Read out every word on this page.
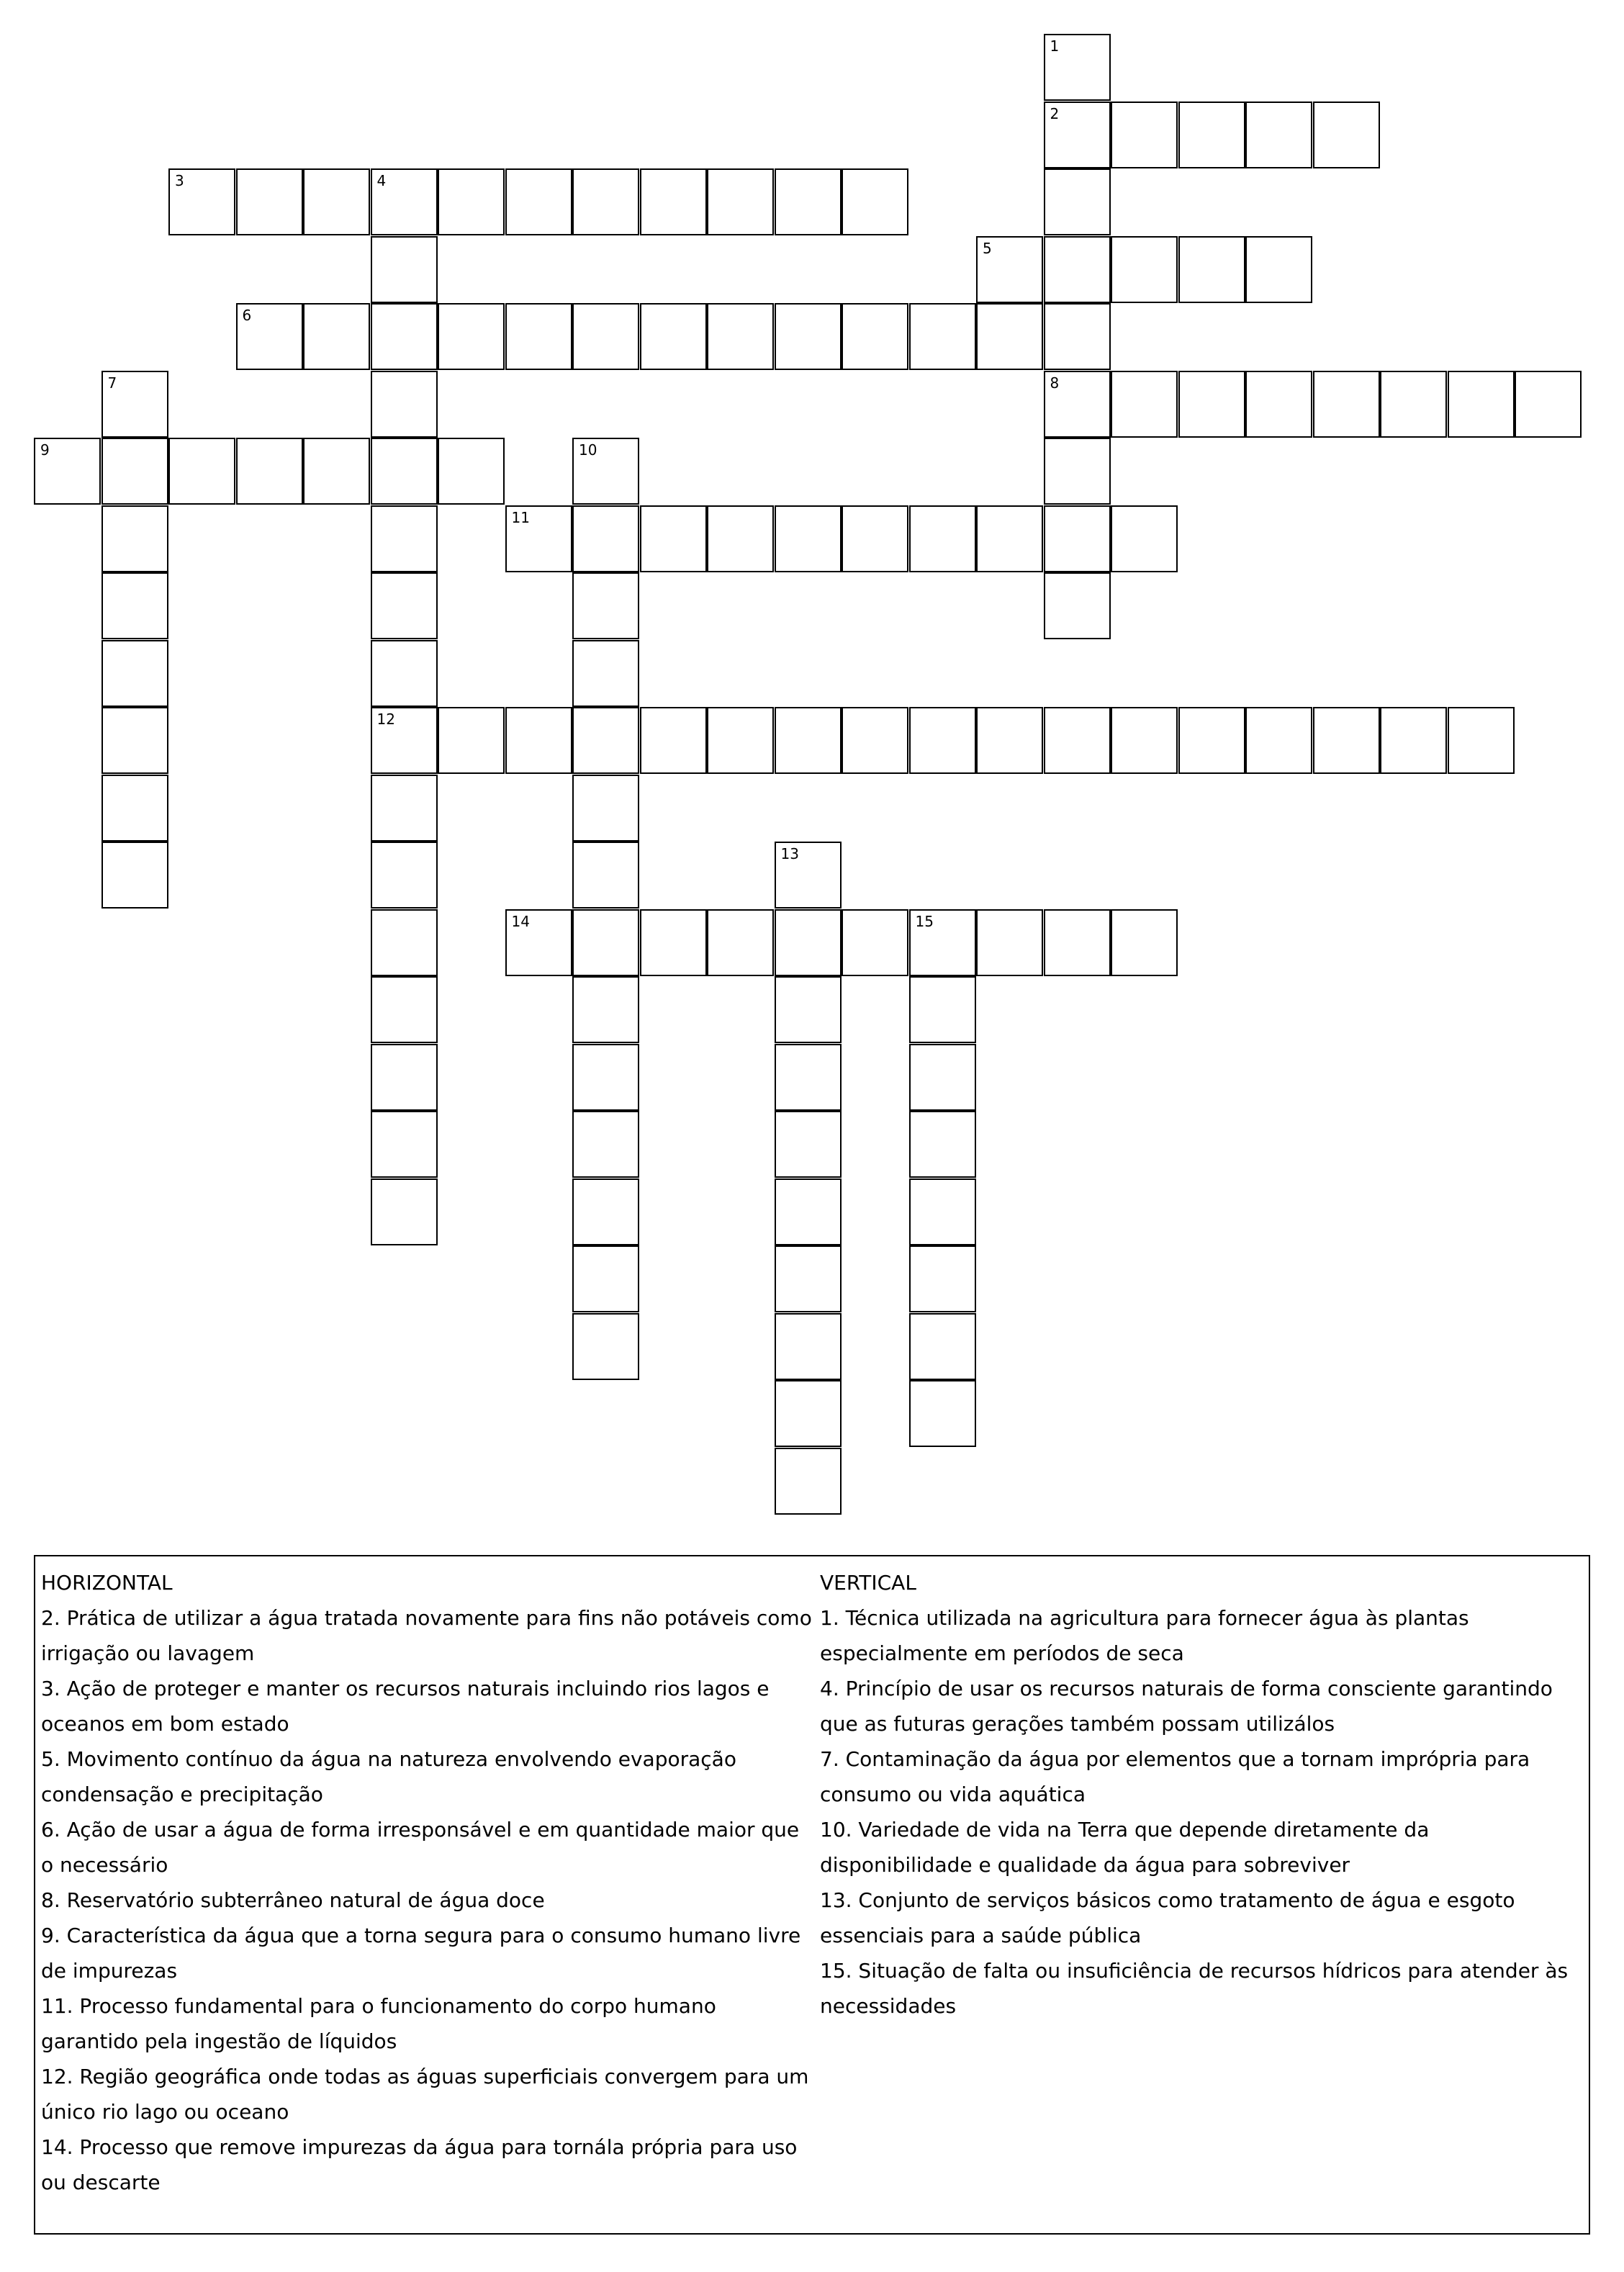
1
2
8
3	4
12
5
6
7
9	10
11
13
14	15
HORIZONTAL
2. Prática de utilizar a água tratada novamente para fins não potáveis como irrigação ou lavagem
3. Ação de proteger e manter os recursos naturais incluindo rios lagos e oceanos em bom estado
5. Movimento contínuo da água na natureza envolvendo evaporação condensação e precipitação
6. Ação de usar a água de forma irresponsável e em quantidade maior que o necessário
8. Reservatório subterrâneo natural de água doce
9. Característica da água que a torna segura para o consumo humano livre de impurezas
11. Processo fundamental para o funcionamento do corpo humano garantido pela ingestão de líquidos
12. Região geográfica onde todas as águas superficiais convergem para um único rio lago ou oceano
14. Processo que remove impurezas da água para tornála própria para uso ou descarte
VERTICAL
1. Técnica utilizada na agricultura para fornecer água às plantas especialmente em períodos de seca
4. Princípio de usar os recursos naturais de forma consciente garantindo que as futuras gerações também possam utilizálos
7. Contaminação da água por elementos que a tornam imprópria para consumo ou vida aquática
10. Variedade de vida na Terra que depende diretamente da disponibilidade e qualidade da água para sobreviver
13. Conjunto de serviços básicos como tratamento de água e esgoto essenciais para a saúde pública
15. Situação de falta ou insuficiência de recursos hídricos para atender às necessidades
